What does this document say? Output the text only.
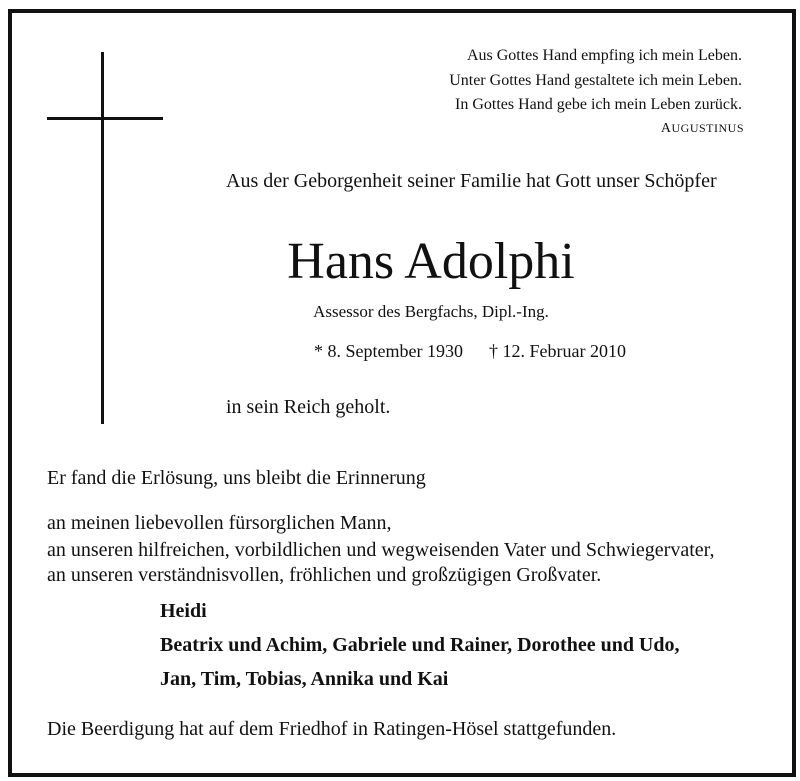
Aus Gottes Hand empfing ich mein Leben.
Unter Gottes Hand gestaltete ich mein Leben.
In Gottes Hand gebe ich mein Leben zurück.
AUGUSTINUS
Aus der Geborgenheit seiner Familie hat Gott unser Schöpfer
Hans Adolphi
Assessor des Bergfachs, Dipl.-Ing.
* 8. September 1930 † 12. Februar 2010
in sein Reich geholt.
Er fand die Erlösung, uns bleibt die Erinnerung
an meinen liebevollen fürsorglichen Mann,
an unseren hilfreichen, vorbildlichen und wegweisenden Vater und Schwiegervater,
an unseren verständnisvollen, fröhlichen und großzügigen Großvater.
Heidi
Beatrix und Achim, Gabriele und Rainer, Dorothee und Udo,
Jan, Tim, Tobias, Annika und Kai
Die Beerdigung hat auf dem Friedhof in Ratingen-Hösel stattgefunden.
